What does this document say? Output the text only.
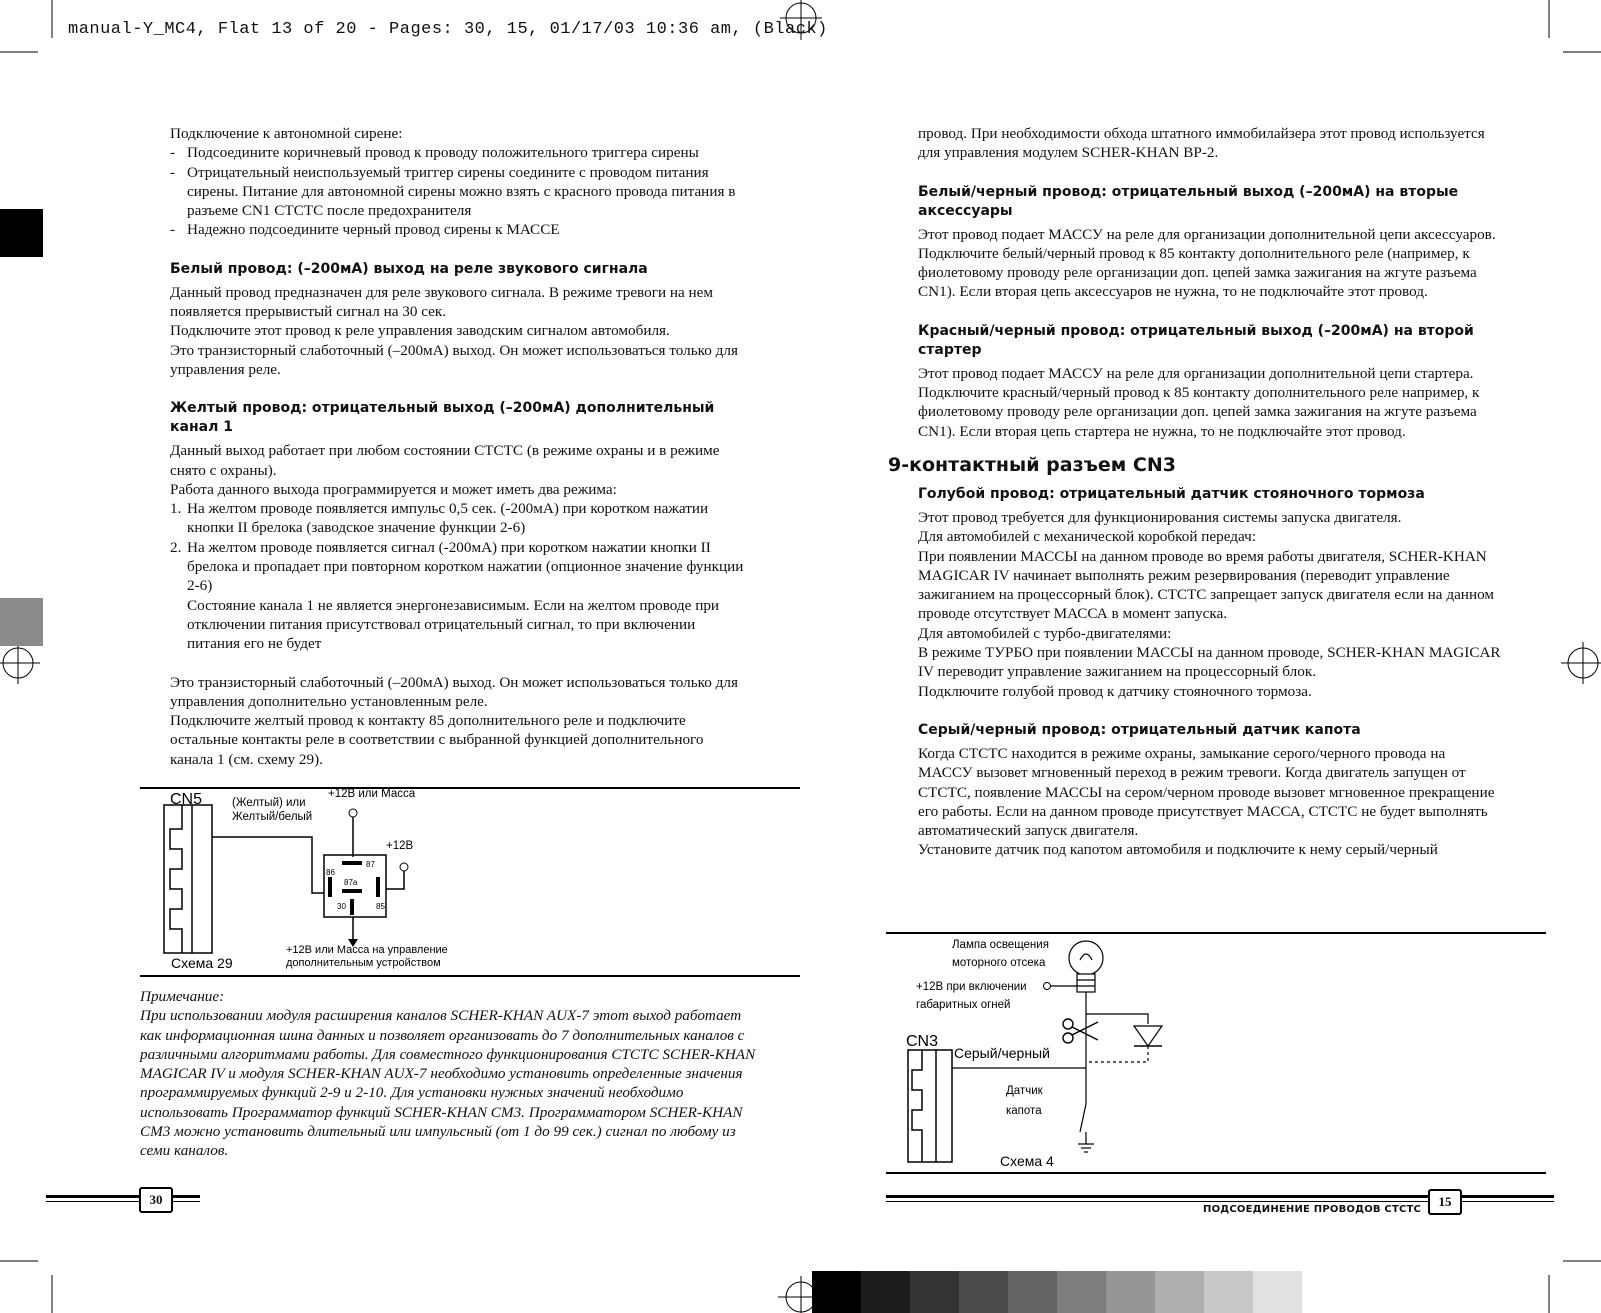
manual-Y_MC4, Flat 13 of 20 - Pages: 30, 15, 01/17/03 10:36 am, (Black)

Подключение к автономной сирене:

- Подсоедините коричневый провод к проводу положительного триггера сирены
- Отрицательный неиспользуемый триггер сирены соедините с проводом питания сирены. Питание для автономной сирены можно взять с красного провода питания в разъеме CN1 CTCTC после предохранителя
- Надежно подсоедините черный провод сирены к МАССЕ
Белый провод: (–200мА) выход на реле звукового сигнала

Данный провод предназначен для реле звукового сигнала. В режиме тревоги на нем появляется прерывистый сигнал на 30 сек.

Подключите этот провод к реле управления заводским сигналом автомобиля.

Это транзисторный слаботочный (–200мА) выход. Он может использоваться только для управления реле.

Желтый провод: отрицательный выход (–200мА) дополнительный канал 1

Данный выход работает при любом состоянии CTCTC (в режиме охраны и в режиме снято с охраны).

Работа данного выхода программируется и может иметь два режима:

1. На желтом проводе появляется импульс 0,5 сек. (-200мА) при коротком нажатии кнопки II брелока (заводское значение функции 2-6)
2. На желтом проводе появляется сигнал (-200мА) при коротком нажатии кнопки II брелока и пропадает при повторном коротком нажатии (опционное значение функции 2-6)
Состояние канала 1 не является энергонезависимым. Если на желтом проводе при отключении питания присутствовал отрицательный сигнал, то при включении питания его не будет

Это транзисторный слаботочный (–200мА) выход. Он может использоваться только для управления дополнительно установленным реле.

Подключите желтый провод к контакту 85 дополнительного реле и подключите остальные контакты реле в соответствии с выбранной функцией дополнительного канала 1 (см. схему 29).

CN5	(Желтый) или
Желтый/белый
+12В или Масса
87
86
87а
85
30
+12В
+12В или Масса на управление
дополнительным устройством
Схема 29

Примечание:

При использовании модуля расширения каналов SCHER-KHAN AUX-7 этот выход работает как информационная шина данных и позволяет организовать до 7 дополнительных каналов с различными алгоритмами работы. Для совместного функционирования CTCTC SCHER-KHAN MAGICAR IV и модуля SCHER-KHAN AUX-7 необходимо установить определенные значения программируемых функций 2-9 и 2-10. Для установки нужных значений необходимо использовать Программатор функций SCHER-KHAN CM3. Программатором SCHER-KHAN CM3 можно установить длительный или импульсный (от 1 до 99 сек.) сигнал по любому из семи каналов.

30

провод. При необходимости обхода штатного иммобилайзера этот провод используется для управления модулем SCHER-KHAN BP-2.

Белый/черный провод: отрицательный выход (–200мА) на вторые аксессуары

Этот провод подает МАССУ на реле для организации дополнительной цепи аксессуаров. Подключите белый/черный провод к 85 контакту дополнительного реле (например, к фиолетовому проводу реле организации доп. цепей замка зажигания на жгуте разъема CN1). Если вторая цепь аксессуаров не нужна, то не подключайте этот провод.

Красный/черный провод: отрицательный выход (–200мА) на второй стартер

Этот провод подает МАССУ на реле для организации дополнительной цепи стартера. Подключите красный/черный провод к 85 контакту дополнительного реле например, к фиолетовому проводу реле организации доп. цепей замка зажигания на жгуте разъема CN1). Если вторая цепь стартера не нужна, то не подключайте этот провод.

9-контактный разъем CN3
Голубой провод: отрицательный датчик стояночного тормоза

Этот провод требуется для функционирования системы запуска двигателя.

Для автомобилей с механической коробкой передач:

При появлении МАССЫ на данном проводе во время работы двигателя, SCHER-KHAN MAGICAR IV начинает выполнять режим резервирования (переводит управление зажиганием на процессорный блок). CTCTC запрещает запуск двигателя если на данном проводе отсутствует МАССА в момент запуска.

Для автомобилей с турбо-двигателями:

В режиме ТУРБО при появлении МАССЫ на данном проводе, SCHER-KHAN MAGICAR IV переводит управление зажиганием на процессорный блок.

Подключите голубой провод к датчику стояночного тормоза.

Серый/черный провод: отрицательный датчик капота

Когда CTCTC находится в режиме охраны, замыкание серого/черного провода на МАССУ вызовет мгновенный переход в режим тревоги. Когда двигатель запущен от CTCTC, появление МАССЫ на сером/черном проводе вызовет мгновенное прекращение его работы. Если на данном проводе присутствует МАССА, CTCTC не будет выполнять автоматический запуск двигателя.

Установите датчик под капотом автомобиля и подключите к нему серый/черный

Лампа освещения
моторного отсека
+12В при включении
габаритных огней
CN3
Серый/черный
Датчик
капота
Схема 4
ПОДСОЕДИНЕНИЕ ПРОВОДОВ CTCTC
15
